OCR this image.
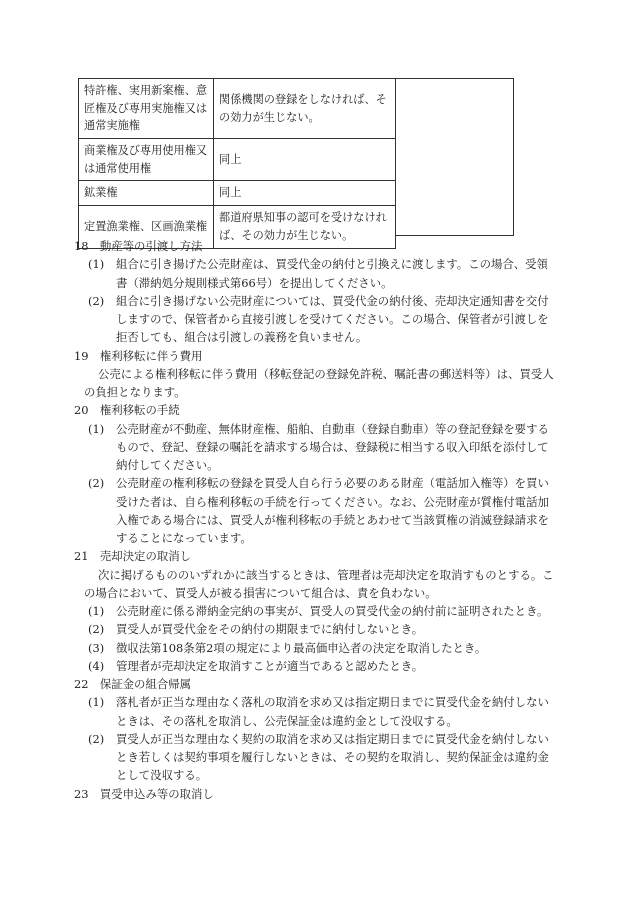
特許権、実用新案権、意匠権及び専用実施権又は通常実施権	関係機関の登録をしなければ、その効力が生じない。
商業権及び専用使用権又は通常使用権	同上
鉱業権	同上
定置漁業権、区画漁業権	都道府県知事の認可を受けなければ、その効力が生じない。
18　動産等の引渡し方法
(1)	組合に引き揚げた公売財産は、買受代金の納付と引換えに渡します。この場合、受領書（滞納処分規則様式第66号）を提出してください。
(2)	組合に引き揚げない公売財産については、買受代金の納付後、売却決定通知書を交付しますので、保管者から直接引渡しを受けてください。この場合、保管者が引渡しを拒否しても、組合は引渡しの義務を負いません。
19　権利移転に伴う費用
公売による権利移転に伴う費用（移転登記の登録免許税、嘱託書の郵送料等）は、買受人の負担となります。
20　権利移転の手続
(1)	公売財産が不動産、無体財産権、船舶、自動車（登録自動車）等の登記登録を要するもので、登記、登録の嘱託を請求する場合は、登録税に相当する収入印紙を添付して納付してください。
(2)	公売財産の権利移転の登録を買受人自ら行う必要のある財産（電話加入権等）を買い受けた者は、自ら権利移転の手続を行ってください。なお、公売財産が質権付電話加入権である場合には、買受人が権利移転の手続とあわせて当該質権の消滅登録請求をすることになっています。
21　売却決定の取消し
次に掲げるもののいずれかに該当するときは、管理者は売却決定を取消すものとする。この場合において、買受人が被る損害について組合は、責を負わない。
(1)	公売財産に係る滞納金完納の事実が、買受人の買受代金の納付前に証明されたとき。
(2)	買受人が買受代金をその納付の期限までに納付しないとき。
(3)	徴収法第108条第2項の規定により最高価申込者の決定を取消したとき。
(4)	管理者が売却決定を取消すことが適当であると認めたとき。
22　保証金の組合帰属
(1)	落札者が正当な理由なく落札の取消を求め又は指定期日までに買受代金を納付しないときは、その落札を取消し、公売保証金は違約金として没収する。
(2)	買受人が正当な理由なく契約の取消を求め又は指定期日までに買受代金を納付しないとき若しくは契約事項を履行しないときは、その契約を取消し、契約保証金は違約金として没収する。
23　買受申込み等の取消し
